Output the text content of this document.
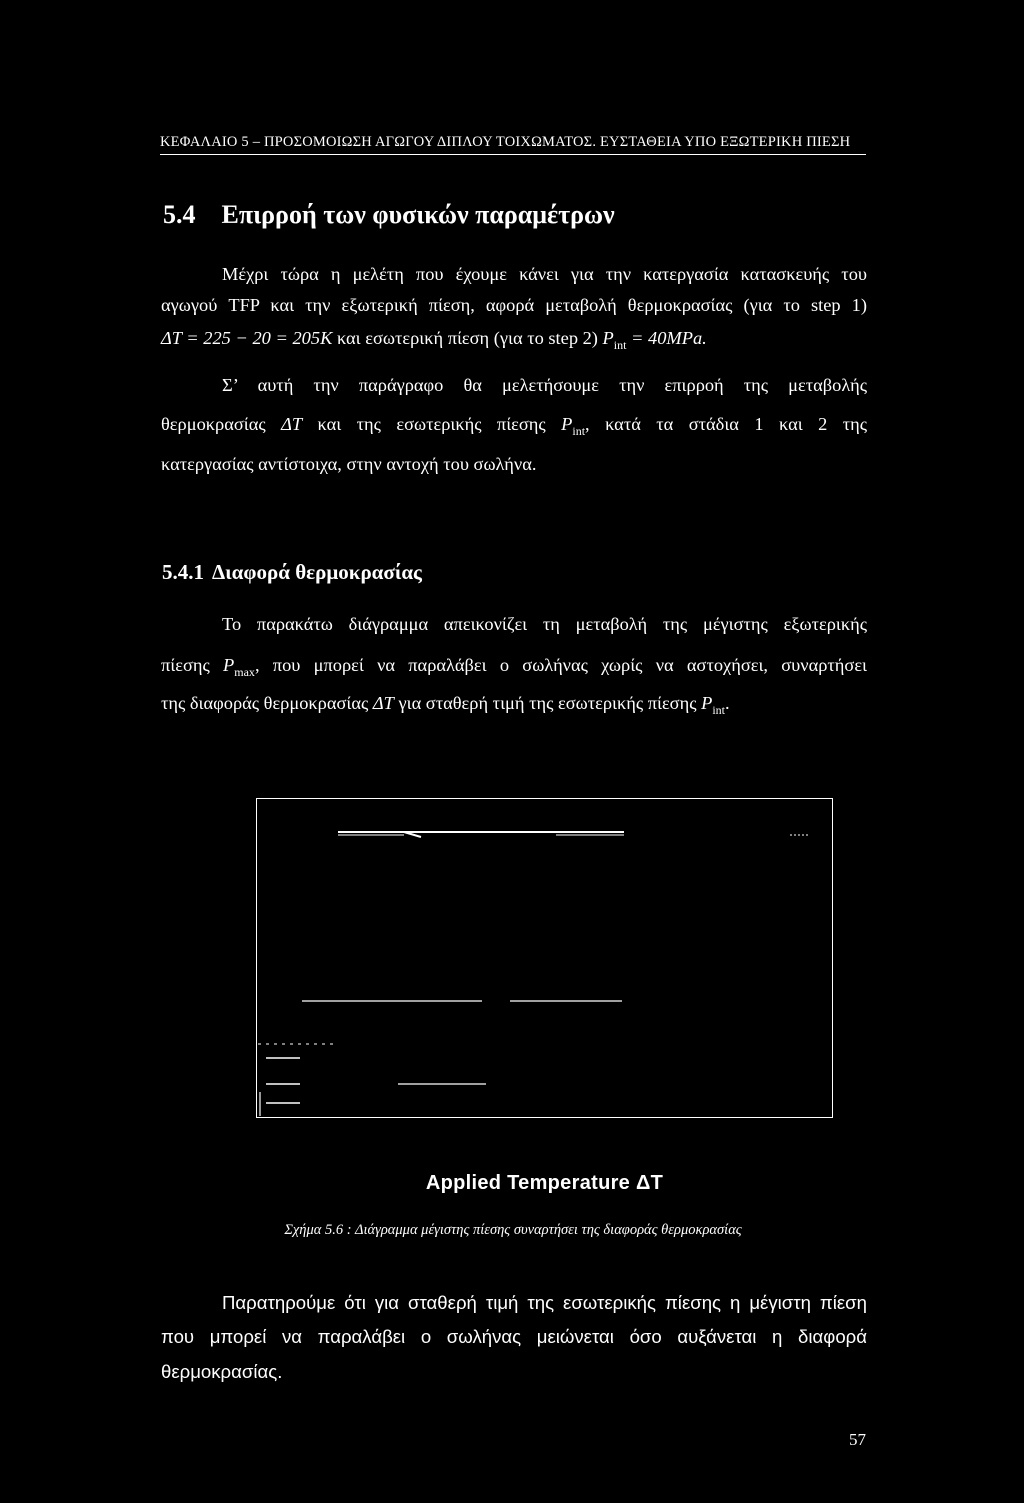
ΚΕΦΑΛΑΙΟ 5 – ΠΡΟΣΟΜΟΙΩΣΗ ΑΓΩΓΟΥ ΔΙΠΛΟΥ ΤΟΙΧΩΜΑΤΟΣ. ΕΥΣΤΑΘΕΙΑ ΥΠΟ ΕΞΩΤΕΡΙΚΗ ΠΙΕΣΗ
5.4 Επιρροή των φυσικών παραμέτρων
Μέχρι τώρα η μελέτη που έχουμε κάνει για την κατεργασία κατασκευής του
αγωγού TFP και την εξωτερική πίεση, αφορά μεταβολή θερμοκρασίας (για το step 1)
ΔT = 225 − 20 = 205K και εσωτερική πίεση (για το step 2) $P_{int} = 40MPa$.
Σ’ αυτή την παράγραφο θα μελετήσουμε την επιρροή της μεταβολής
θερμοκρασίας ΔT και της εσωτερικής πίεσης $P_{int}$, κατά τα στάδια 1 και 2 της
κατεργασίας αντίστοιχα, στην αντοχή του σωλήνα.
5.4.1 Διαφορά θερμοκρασίας
Το παρακάτω διάγραμμα απεικονίζει τη μεταβολή της μέγιστης εξωτερικής
πίεσης $P_{max}$, που μπορεί να παραλάβει ο σωλήνας χωρίς να αστοχήσει, συναρτήσει
της διαφοράς θερμοκρασίας ΔT για σταθερή τιμή της εσωτερικής πίεσης $P_{int}$.
Applied Temperature ΔT
Σχήμα 5.6 : Διάγραμμα μέγιστης πίεσης συναρτήσει της διαφοράς θερμοκρασίας
Παρατηρούμε ότι για σταθερή τιμή της εσωτερικής πίεσης η μέγιστη πίεση
που μπορεί να παραλάβει ο σωλήνας μειώνεται όσο αυξάνεται η διαφορά
θερμοκρασίας.
57
